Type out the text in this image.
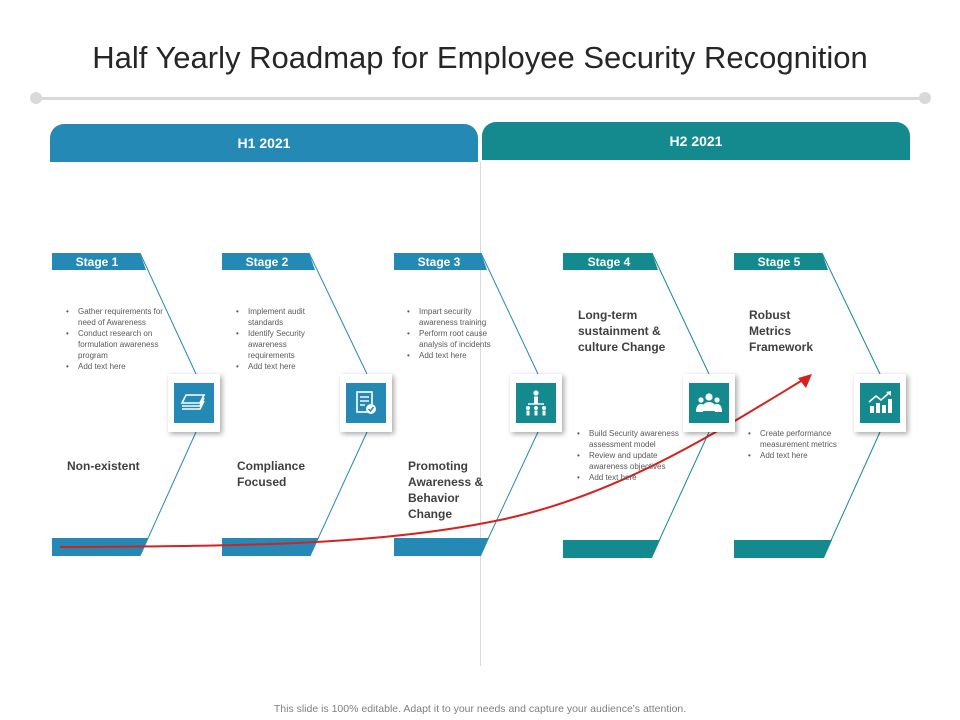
Half Yearly Roadmap for Employee Security Recognition
H1 2021	H2 2021
Stage 1	Stage 2	Stage 3	Stage 4	Stage 5
• Gather requirements for need of Awareness
• Conduct research on formulation awareness program
• Add text here
• Implement audit standards
• Identify Security awareness requirements
• Add text here
• Impart security awareness training
• Perform root cause analysis of incidents
• Add text here
Long-term sustainment & culture Change
Robust Metrics Framework
• Build Security awareness assessment model
• Review and update awareness objectives
• Add text here
• Create performance measurement metrics
• Add text here
Non-existent	Compliance Focused
Promoting Awareness & Behavior Change
This slide is 100% editable. Adapt it to your needs and capture your audience's attention.
